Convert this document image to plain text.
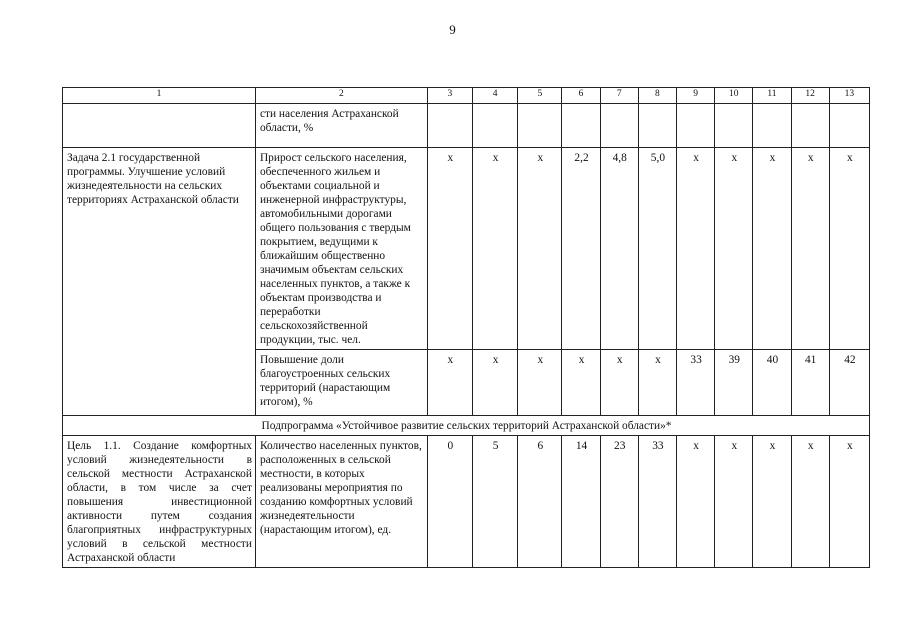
9
1	2	3	4	5	6	7	8	9	10	11	12	13
	сти населения Астраханской области, %											
Задача 2.1 государственной программы. Улучшение условий жизнедеятельности на сельских территориях Астраханской области	Прирост сельского населения, обеспеченного жильем и объектами социальной и инженерной инфраструктуры, автомобильными дорогами общего пользования с твердым покрытием, ведущими к ближайшим общественно значимым объектам сельских населенных пунктов, а также к объектам производства и переработки сельскохозяйственной продукции, тыс. чел.	x	x	x	2,2	4,8	5,0	x	x	x	x	x
	Повышение доли благоустроенных сельских территорий (нарастающим итогом), %	x	x	x	x	x	x	33	39	40	41	42
Подпрограмма «Устойчивое развитие сельских территорий Астраханской области»*												
Цель 1.1. Создание комфортных условий жизнедеятельности в сельской местности Астраханской области, в том числе за счет повышения инвестиционной активности путем создания благоприятных инфраструктурных условий в сельской местности Астраханской области	Количество населенных пунктов, расположенных в сельской местности, в которых реализованы мероприятия по созданию комфортных условий жизнедеятельности (нарастающим итогом), ед.	0	5	6	14	23	33	x	x	x	x	x
